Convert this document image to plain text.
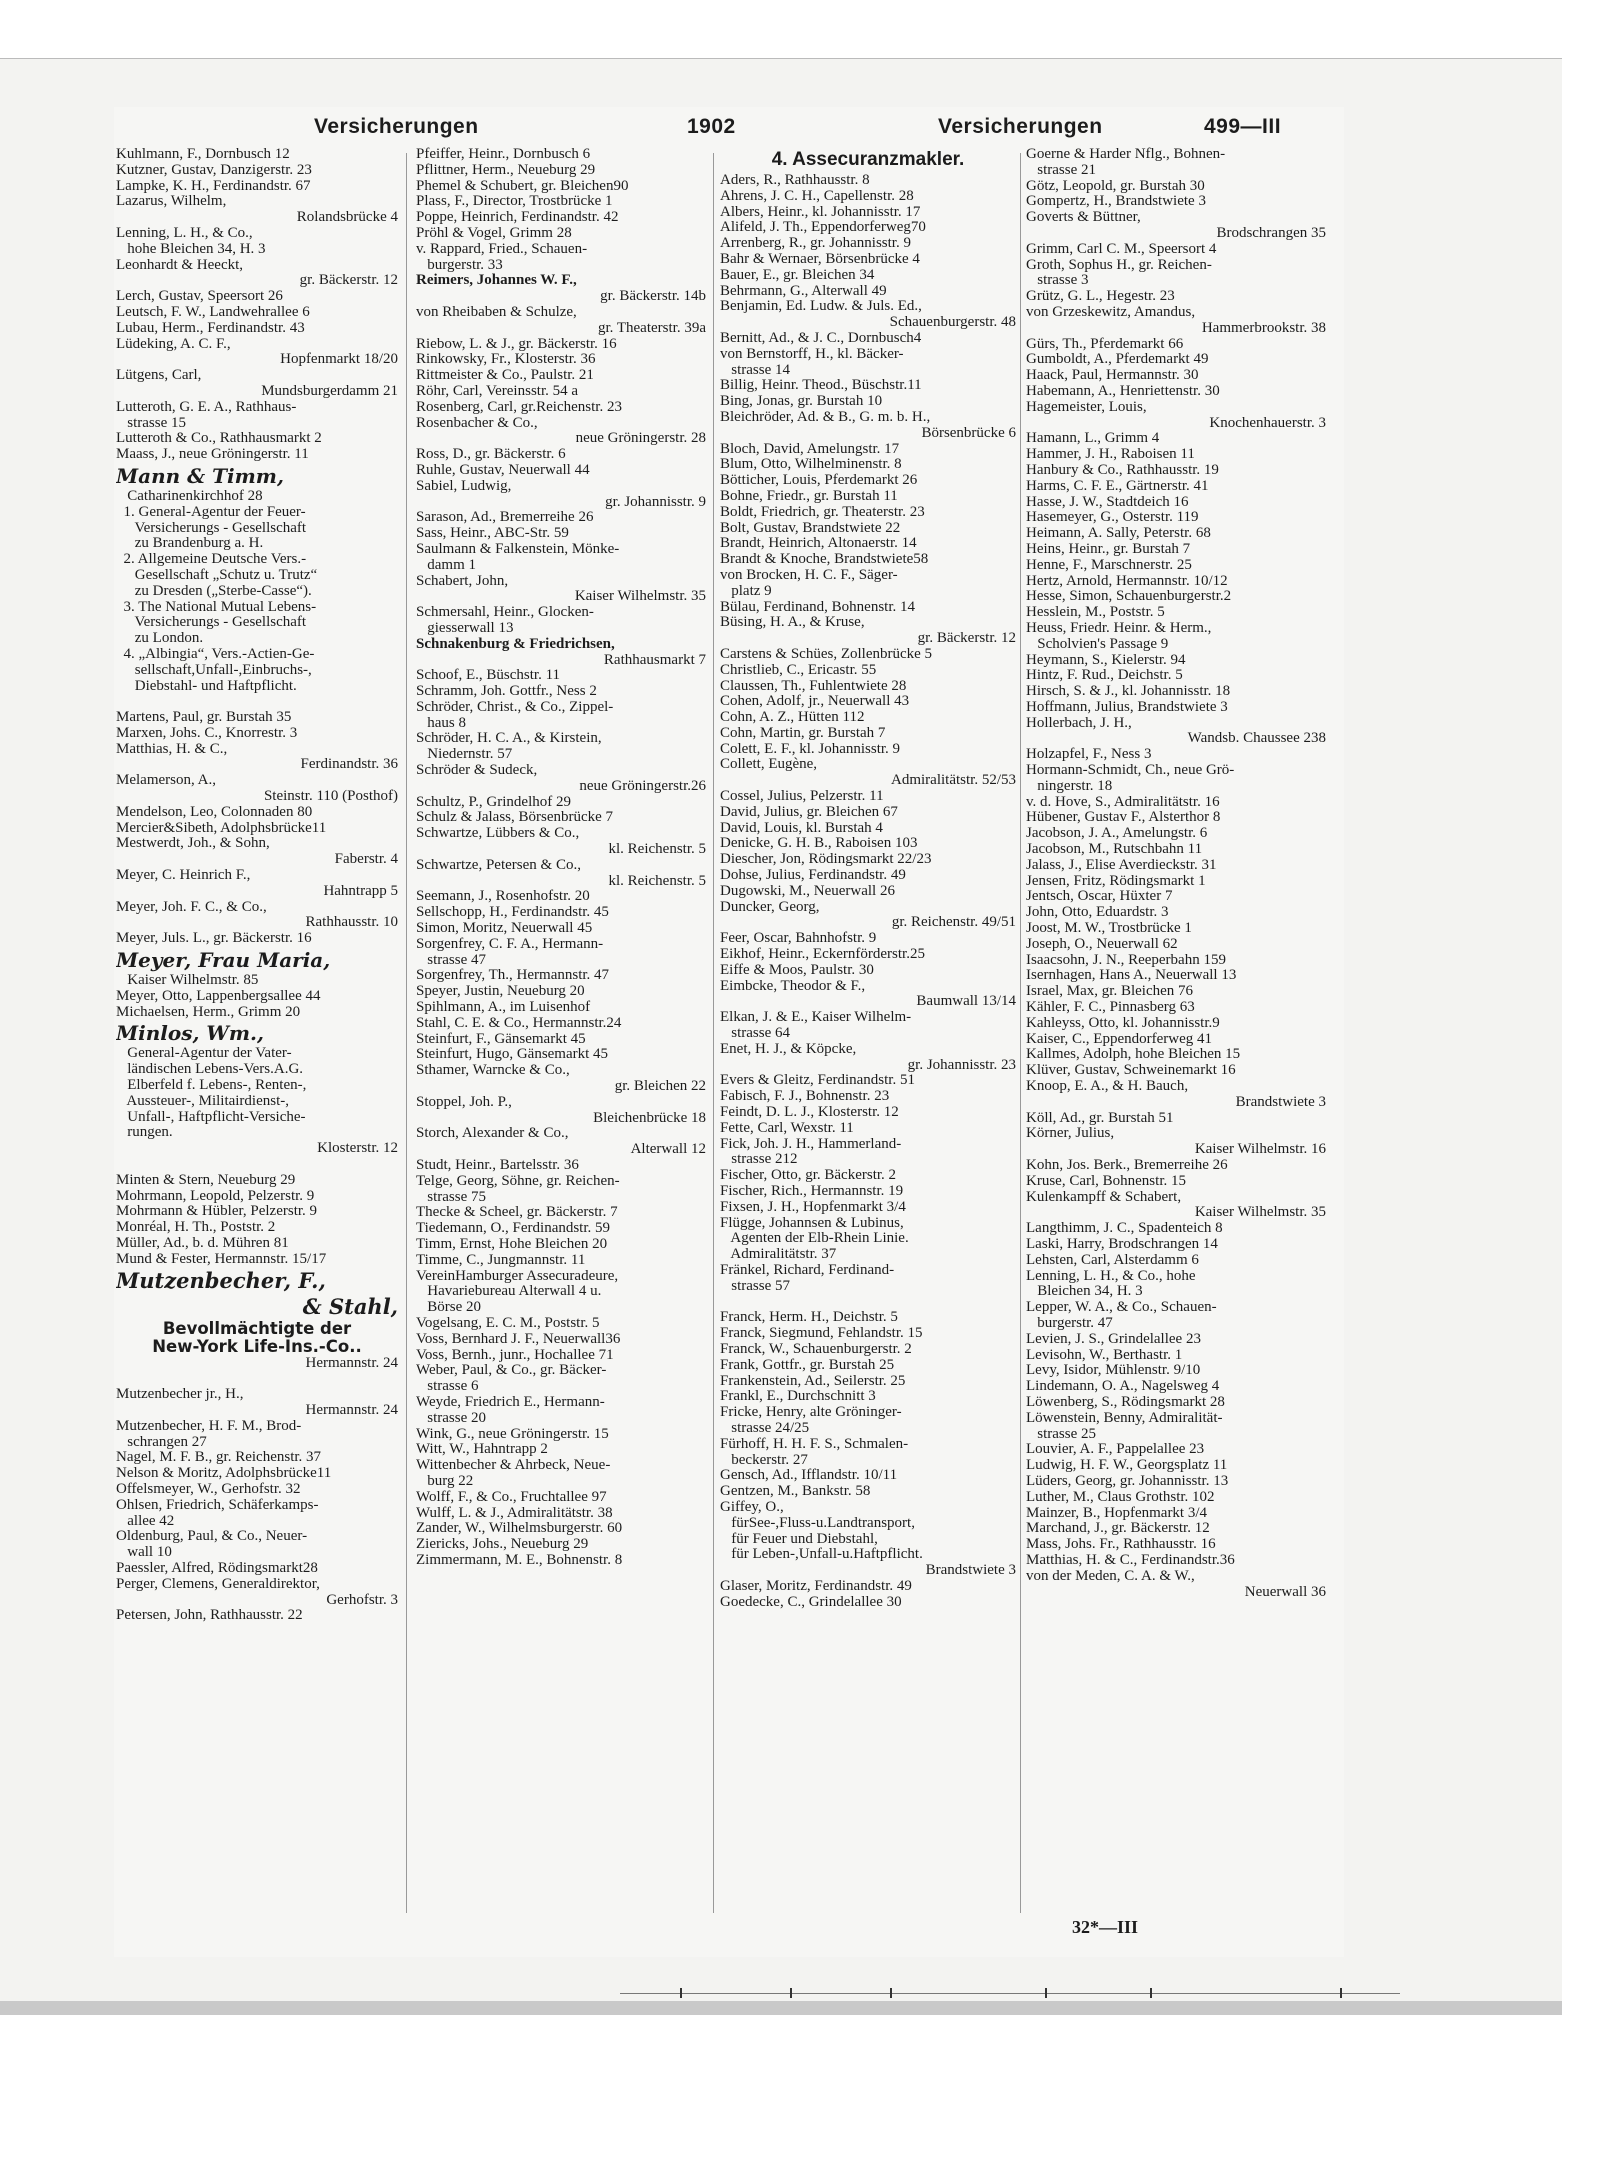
Versicherungen	1902	Versicherungen	499—III
Kuhlmann, F., Dornbusch 12
Kutzner, Gustav, Danzigerstr. 23
Lampke, K. H., Ferdinandstr. 67
Lazarus, Wilhelm,
Rolandsbrücke 4
Lenning, L. H., & Co.,
hohe Bleichen 34, H. 3
Leonhardt & Heeckt,
gr. Bäckerstr. 12
Lerch, Gustav, Speersort 26
Leutsch, F. W., Landwehrallee 6
Lubau, Herm., Ferdinandstr. 43
Lüdeking, A. C. F.,
Hopfenmarkt 18/20
Lütgens, Carl,
Mundsburgerdamm 21
Lutteroth, G. E. A., Rathhaus-
strasse 15
Lutteroth & Co., Rathhausmarkt 2
Maass, J., neue Gröningerstr. 11
Mann & Timm,
Catharinenkirchhof 28
1. General-Agentur der Feuer-
Versicherungs - Gesellschaft
zu Brandenburg a. H.
2. Allgemeine Deutsche Vers.-
Gesellschaft „Schutz u. Trutz“
zu Dresden („Sterbe-Casse“).
3. The National Mutual Lebens-
Versicherungs - Gesellschaft
zu London.
4. „Albingia“, Vers.-Actien-Ge-
sellschaft,Unfall-,Einbruchs-,
Diebstahl- und Haftpflicht.

Martens, Paul, gr. Burstah 35
Marxen, Johs. C., Knorrestr. 3
Matthias, H. & C.,
Ferdinandstr. 36
Melamerson, A.,
Steinstr. 110 (Posthof)
Mendelson, Leo, Colonnaden 80
Mercier&Sibeth, Adolphsbrücke11
Mestwerdt, Joh., & Sohn,
Faberstr. 4
Meyer, C. Heinrich F.,
Hahntrapp 5
Meyer, Joh. F. C., & Co.,
Rathhausstr. 10
Meyer, Juls. L., gr. Bäckerstr. 16
Meyer, Frau Maria,
Kaiser Wilhelmstr. 85
Meyer, Otto, Lappenbergsallee 44
Michaelsen, Herm., Grimm 20
Minlos, Wm.,
General-Agentur der Vater-
ländischen Lebens-Vers.A.G.
Elberfeld f. Lebens-, Renten-,
Aussteuer-, Militairdienst-,
Unfall-, Haftpflicht-Versiche-
rungen.
Klosterstr. 12

Minten & Stern, Neueburg 29
Mohrmann, Leopold, Pelzerstr. 9
Mohrmann & Hübler, Pelzerstr. 9
Monréal, H. Th., Poststr. 2
Müller, Ad., b. d. Mühren 81
Mund & Fester, Hermannstr. 15/17
Mutzenbecher, F.,
& Stahl,
Bevollmächtigte der
New-York Life-Ins.-Co..
Hermannstr. 24

Mutzenbecher jr., H.,
Hermannstr. 24
Mutzenbecher, H. F. M., Brod-
schrangen 27
Nagel, M. F. B., gr. Reichenstr. 37
Nelson & Moritz, Adolphsbrücke11
Offelsmeyer, W., Gerhofstr. 32
Ohlsen, Friedrich, Schäferkamps-
allee 42
Oldenburg, Paul, & Co., Neuer-
wall 10
Paessler, Alfred, Rödingsmarkt28
Perger, Clemens, Generaldirektor,
Gerhofstr. 3
Petersen, John, Rathhausstr. 22
Pfeiffer, Heinr., Dornbusch 6
Pflittner, Herm., Neueburg 29
Phemel & Schubert, gr. Bleichen90
Plass, F., Director, Trostbrücke 1
Poppe, Heinrich, Ferdinandstr. 42
Pröhl & Vogel, Grimm 28
v. Rappard, Fried., Schauen-
burgerstr. 33
Reimers, Johannes W. F.,
gr. Bäckerstr. 14b
von Rheibaben & Schulze,
gr. Theaterstr. 39a
Riebow, L. & J., gr. Bäckerstr. 16
Rinkowsky, Fr., Klosterstr. 36
Rittmeister & Co., Paulstr. 21
Röhr, Carl, Vereinsstr. 54 a
Rosenberg, Carl, gr.Reichenstr. 23
Rosenbacher & Co.,
neue Gröningerstr. 28
Ross, D., gr. Bäckerstr. 6
Ruhle, Gustav, Neuerwall 44
Sabiel, Ludwig,
gr. Johannisstr. 9
Sarason, Ad., Bremerreihe 26
Sass, Heinr., ABC-Str. 59
Saulmann & Falkenstein, Mönke-
damm 1
Schabert, John,
Kaiser Wilhelmstr. 35
Schmersahl, Heinr., Glocken-
giesserwall 13
Schnakenburg & Friedrichsen,
Rathhausmarkt 7
Schoof, E., Büschstr. 11
Schramm, Joh. Gottfr., Ness 2
Schröder, Christ., & Co., Zippel-
haus 8
Schröder, H. C. A., & Kirstein,
Niedernstr. 57
Schröder & Sudeck,
neue Gröningerstr.26
Schultz, P., Grindelhof 29
Schulz & Jalass, Börsenbrücke 7
Schwartze, Lübbers & Co.,
kl. Reichenstr. 5
Schwartze, Petersen & Co.,
kl. Reichenstr. 5
Seemann, J., Rosenhofstr. 20
Sellschopp, H., Ferdinandstr. 45
Simon, Moritz, Neuerwall 45
Sorgenfrey, C. F. A., Hermann-
strasse 47
Sorgenfrey, Th., Hermannstr. 47
Speyer, Justin, Neueburg 20
Spihlmann, A., im Luisenhof
Stahl, C. E. & Co., Hermannstr.24
Steinfurt, F., Gänsemarkt 45
Steinfurt, Hugo, Gänsemarkt 45
Sthamer, Warncke & Co.,
gr. Bleichen 22
Stoppel, Joh. P.,
Bleichenbrücke 18
Storch, Alexander & Co.,
Alterwall 12
Studt, Heinr., Bartelsstr. 36
Telge, Georg, Söhne, gr. Reichen-
strasse 75
Thecke & Scheel, gr. Bäckerstr. 7
Tiedemann, O., Ferdinandstr. 59
Timm, Ernst, Hohe Bleichen 20
Timme, C., Jungmannstr. 11
VereinHamburger Assecuradeure,
Havariebureau Alterwall 4 u.
Börse 20
Vogelsang, E. C. M., Poststr. 5
Voss, Bernhard J. F., Neuerwall36
Voss, Bernh., junr., Hochallee 71
Weber, Paul, & Co., gr. Bäcker-
strasse 6
Weyde, Friedrich E., Hermann-
strasse 20
Wink, G., neue Gröningerstr. 15
Witt, W., Hahntrapp 2
Wittenbecher & Ahrbeck, Neue-
burg 22
Wolff, F., & Co., Fruchtallee 97
Wulff, L. & J., Admiralitätstr. 38
Zander, W., Wilhelmsburgerstr. 60
Ziericks, Johs., Neueburg 29
Zimmermann, M. E., Bohnenstr. 8
4. Assecuranzmakler.
Aders, R., Rathhausstr. 8
Ahrens, J. C. H., Capellenstr. 28
Albers, Heinr., kl. Johannisstr. 17
Alifeld, J. Th., Eppendorferweg70
Arrenberg, R., gr. Johannisstr. 9
Bahr & Wernaer, Börsenbrücke 4
Bauer, E., gr. Bleichen 34
Behrmann, G., Alterwall 49
Benjamin, Ed. Ludw. & Juls. Ed.,
Schauenburgerstr. 48
Bernitt, Ad., & J. C., Dornbusch4
von Bernstorff, H., kl. Bäcker-
strasse 14
Billig, Heinr. Theod., Büschstr.11
Bing, Jonas, gr. Burstah 10
Bleichröder, Ad. & B., G. m. b. H.,
Börsenbrücke 6
Bloch, David, Amelungstr. 17
Blum, Otto, Wilhelminenstr. 8
Bötticher, Louis, Pferdemarkt 26
Bohne, Friedr., gr. Burstah 11
Boldt, Friedrich, gr. Theaterstr. 23
Bolt, Gustav, Brandstwiete 22
Brandt, Heinrich, Altonaerstr. 14
Brandt & Knoche, Brandstwiete58
von Brocken, H. C. F., Säger-
platz 9
Bülau, Ferdinand, Bohnenstr. 14
Büsing, H. A., & Kruse,
gr. Bäckerstr. 12
Carstens & Schües, Zollenbrücke 5
Christlieb, C., Ericastr. 55
Claussen, Th., Fuhlentwiete 28
Cohen, Adolf, jr., Neuerwall 43
Cohn, A. Z., Hütten 112
Cohn, Martin, gr. Burstah 7
Colett, E. F., kl. Johannisstr. 9
Collett, Eugène,
Admiralitätstr. 52/53
Cossel, Julius, Pelzerstr. 11
David, Julius, gr. Bleichen 67
David, Louis, kl. Burstah 4
Denicke, G. H. B., Raboisen 103
Diescher, Jon, Rödingsmarkt 22/23
Dohse, Julius, Ferdinandstr. 49
Dugowski, M., Neuerwall 26
Duncker, Georg,
gr. Reichenstr. 49/51
Feer, Oscar, Bahnhofstr. 9
Eikhof, Heinr., Eckernförderstr.25
Eiffe & Moos, Paulstr. 30
Eimbcke, Theodor & F.,
Baumwall 13/14
Elkan, J. & E., Kaiser Wilhelm-
strasse 64
Enet, H. J., & Köpcke,
gr. Johannisstr. 23
Evers & Gleitz, Ferdinandstr. 51
Fabisch, F. J., Bohnenstr. 23
Feindt, D. L. J., Klosterstr. 12
Fette, Carl, Wexstr. 11
Fick, Joh. J. H., Hammerland-
strasse 212
Fischer, Otto, gr. Bäckerstr. 2
Fischer, Rich., Hermannstr. 19
Fixsen, J. H., Hopfenmarkt 3/4
Flügge, Johannsen & Lubinus,
Agenten der Elb-Rhein Linie.
Admiralitätstr. 37
Fränkel, Richard, Ferdinand-
strasse 57

Franck, Herm. H., Deichstr. 5
Franck, Siegmund, Fehlandstr. 15
Franck, W., Schauenburgerstr. 2
Frank, Gottfr., gr. Burstah 25
Frankenstein, Ad., Seilerstr. 25
Frankl, E., Durchschnitt 3
Fricke, Henry, alte Gröninger-
strasse 24/25
Fürhoff, H. H. F. S., Schmalen-
beckerstr. 27
Gensch, Ad., Ifflandstr. 10/11
Gentzen, M., Bankstr. 58
Giffey, O.,
fürSee-,Fluss-u.Landtransport,
für Feuer und Diebstahl,
für Leben-,Unfall-u.Haftpflicht.
Brandstwiete 3
Glaser, Moritz, Ferdinandstr. 49
Goedecke, C., Grindelallee 30
Goerne & Harder Nflg., Bohnen-
strasse 21
Götz, Leopold, gr. Burstah 30
Gompertz, H., Brandstwiete 3
Goverts & Büttner,
Brodschrangen 35
Grimm, Carl C. M., Speersort 4
Groth, Sophus H., gr. Reichen-
strasse 3
Grütz, G. L., Hegestr. 23
von Grzeskewitz, Amandus,
Hammerbrookstr. 38
Gürs, Th., Pferdemarkt 66
Gumboldt, A., Pferdemarkt 49
Haack, Paul, Hermannstr. 30
Habemann, A., Henriettenstr. 30
Hagemeister, Louis,
Knochenhauerstr. 3
Hamann, L., Grimm 4
Hammer, J. H., Raboisen 11
Hanbury & Co., Rathhausstr. 19
Harms, C. F. E., Gärtnerstr. 41
Hasse, J. W., Stadtdeich 16
Hasemeyer, G., Osterstr. 119
Heimann, A. Sally, Peterstr. 68
Heins, Heinr., gr. Burstah 7
Henne, F., Marschnerstr. 25
Hertz, Arnold, Hermannstr. 10/12
Hesse, Simon, Schauenburgerstr.2
Hesslein, M., Poststr. 5
Heuss, Friedr. Heinr. & Herm.,
Scholvien's Passage 9
Heymann, S., Kielerstr. 94
Hintz, F. Rud., Deichstr. 5
Hirsch, S. & J., kl. Johannisstr. 18
Hoffmann, Julius, Brandstwiete 3
Hollerbach, J. H.,
Wandsb. Chaussee 238
Holzapfel, F., Ness 3
Hormann-Schmidt, Ch., neue Grö-
ningerstr. 18
v. d. Hove, S., Admiralitätstr. 16
Hübener, Gustav F., Alsterthor 8
Jacobson, J. A., Amelungstr. 6
Jacobson, M., Rutschbahn 11
Jalass, J., Elise Averdieckstr. 31
Jensen, Fritz, Rödingsmarkt 1
Jentsch, Oscar, Hüxter 7
John, Otto, Eduardstr. 3
Joost, M. W., Trostbrücke 1
Joseph, O., Neuerwall 62
Isaacsohn, J. N., Reeperbahn 159
Isernhagen, Hans A., Neuerwall 13
Israel, Max, gr. Bleichen 76
Kähler, F. C., Pinnasberg 63
Kahleyss, Otto, kl. Johannisstr.9
Kaiser, C., Eppendorferweg 41
Kallmes, Adolph, hohe Bleichen 15
Klüver, Gustav, Schweinemarkt 16
Knoop, E. A., & H. Bauch,
Brandstwiete 3
Köll, Ad., gr. Burstah 51
Körner, Julius,
Kaiser Wilhelmstr. 16
Kohn, Jos. Berk., Bremerreihe 26
Kruse, Carl, Bohnenstr. 15
Kulenkampff & Schabert,
Kaiser Wilhelmstr. 35
Langthimm, J. C., Spadenteich 8
Laski, Harry, Brodschrangen 14
Lehsten, Carl, Alsterdamm 6
Lenning, L. H., & Co., hohe
Bleichen 34, H. 3
Lepper, W. A., & Co., Schauen-
burgerstr. 47
Levien, J. S., Grindelallee 23
Levisohn, W., Berthastr. 1
Levy, Isidor, Mühlenstr. 9/10
Lindemann, O. A., Nagelsweg 4
Löwenberg, S., Rödingsmarkt 28
Löwenstein, Benny, Admiralität-
strasse 25
Louvier, A. F., Pappelallee 23
Ludwig, H. F. W., Georgsplatz 11
Lüders, Georg, gr. Johannisstr. 13
Luther, M., Claus Grothstr. 102
Mainzer, B., Hopfenmarkt 3/4
Marchand, J., gr. Bäckerstr. 12
Mass, Johs. Fr., Rathhausstr. 16
Matthias, H. & C., Ferdinandstr.36
von der Meden, C. A. & W.,
Neuerwall 36
32*—III
